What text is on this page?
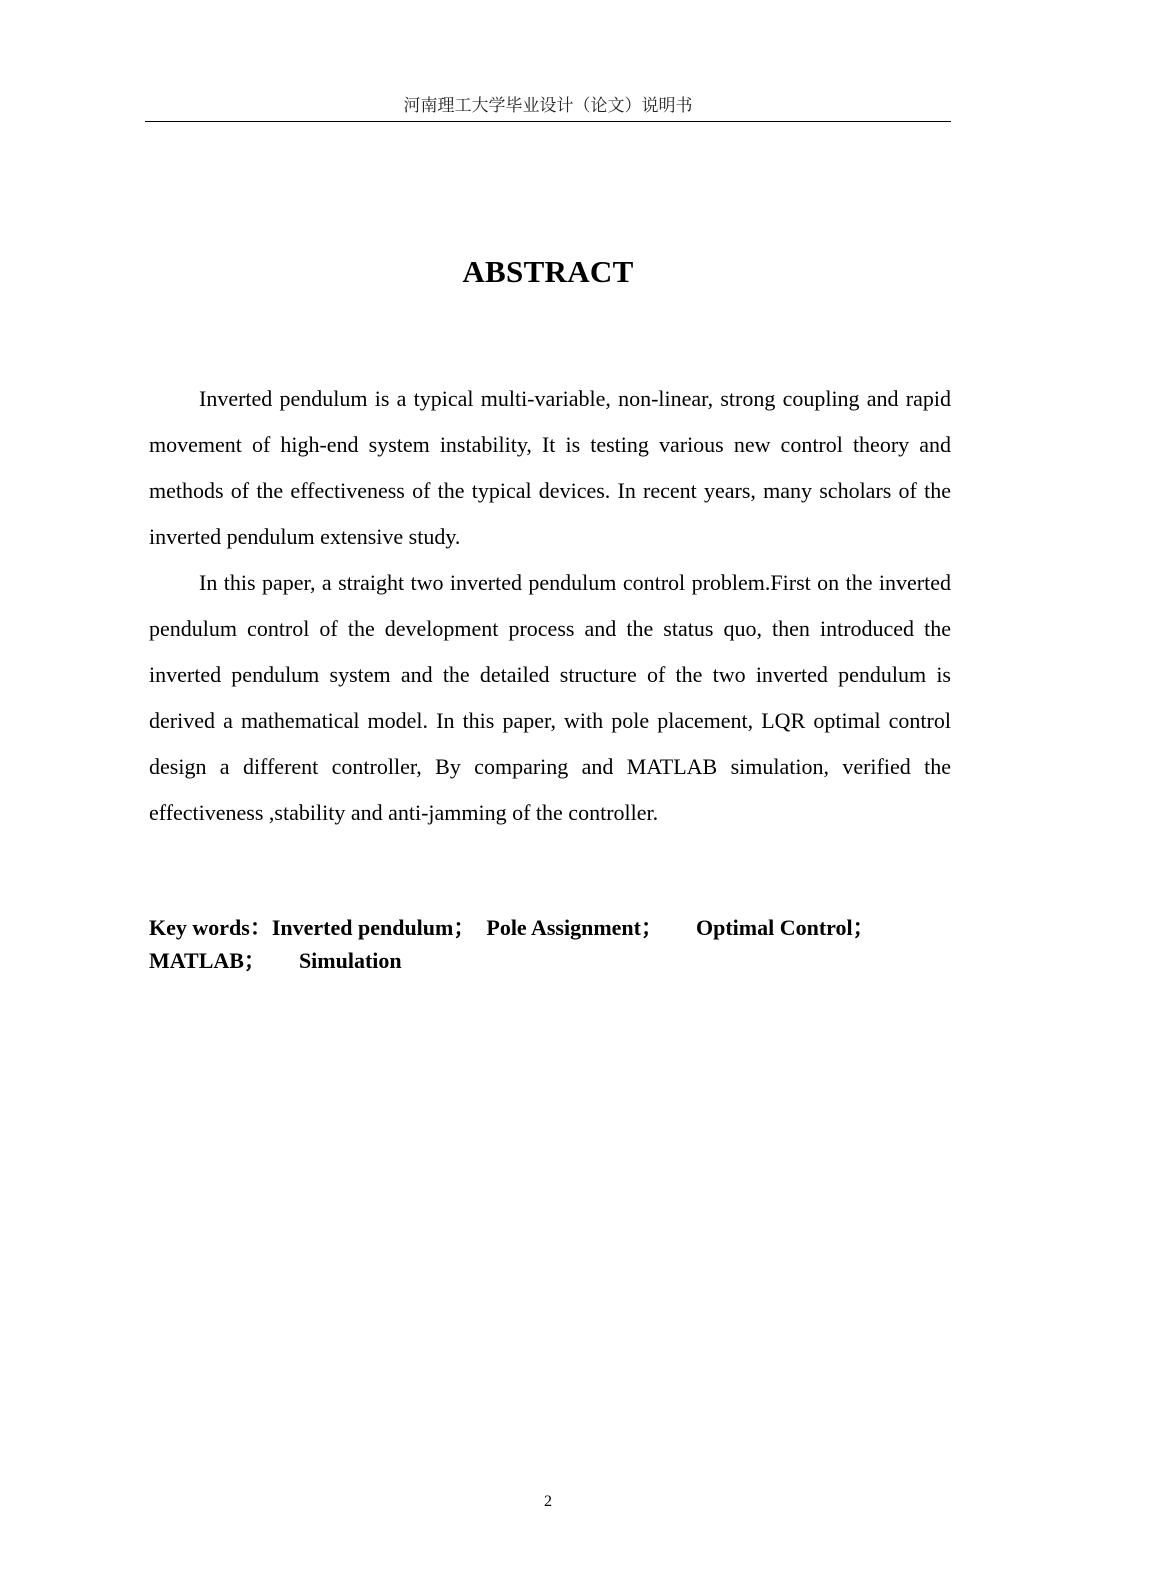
河南理工大学毕业设计（论文）说明书
ABSTRACT

Inverted pendulum is a typical multi-variable, non-linear, strong coupling and rapid movement of high-end system instability, It is testing various new control theory and methods of the effectiveness of the typical devices. In recent years, many scholars of the inverted pendulum extensive study.

In this paper, a straight two inverted pendulum control problem.First on the inverted pendulum control of the development process and the status quo, then introduced the inverted pendulum system and the detailed structure of the two inverted pendulum is derived a mathematical model. In this paper, with pole placement, LQR optimal control design a different controller, By comparing and MATLAB simulation, verified the effectiveness ,stability and anti-jamming of the controller.

Key words：Inverted pendulum；  Pole Assignment；   Optimal Control；
MATLAB；   Simulation
2
